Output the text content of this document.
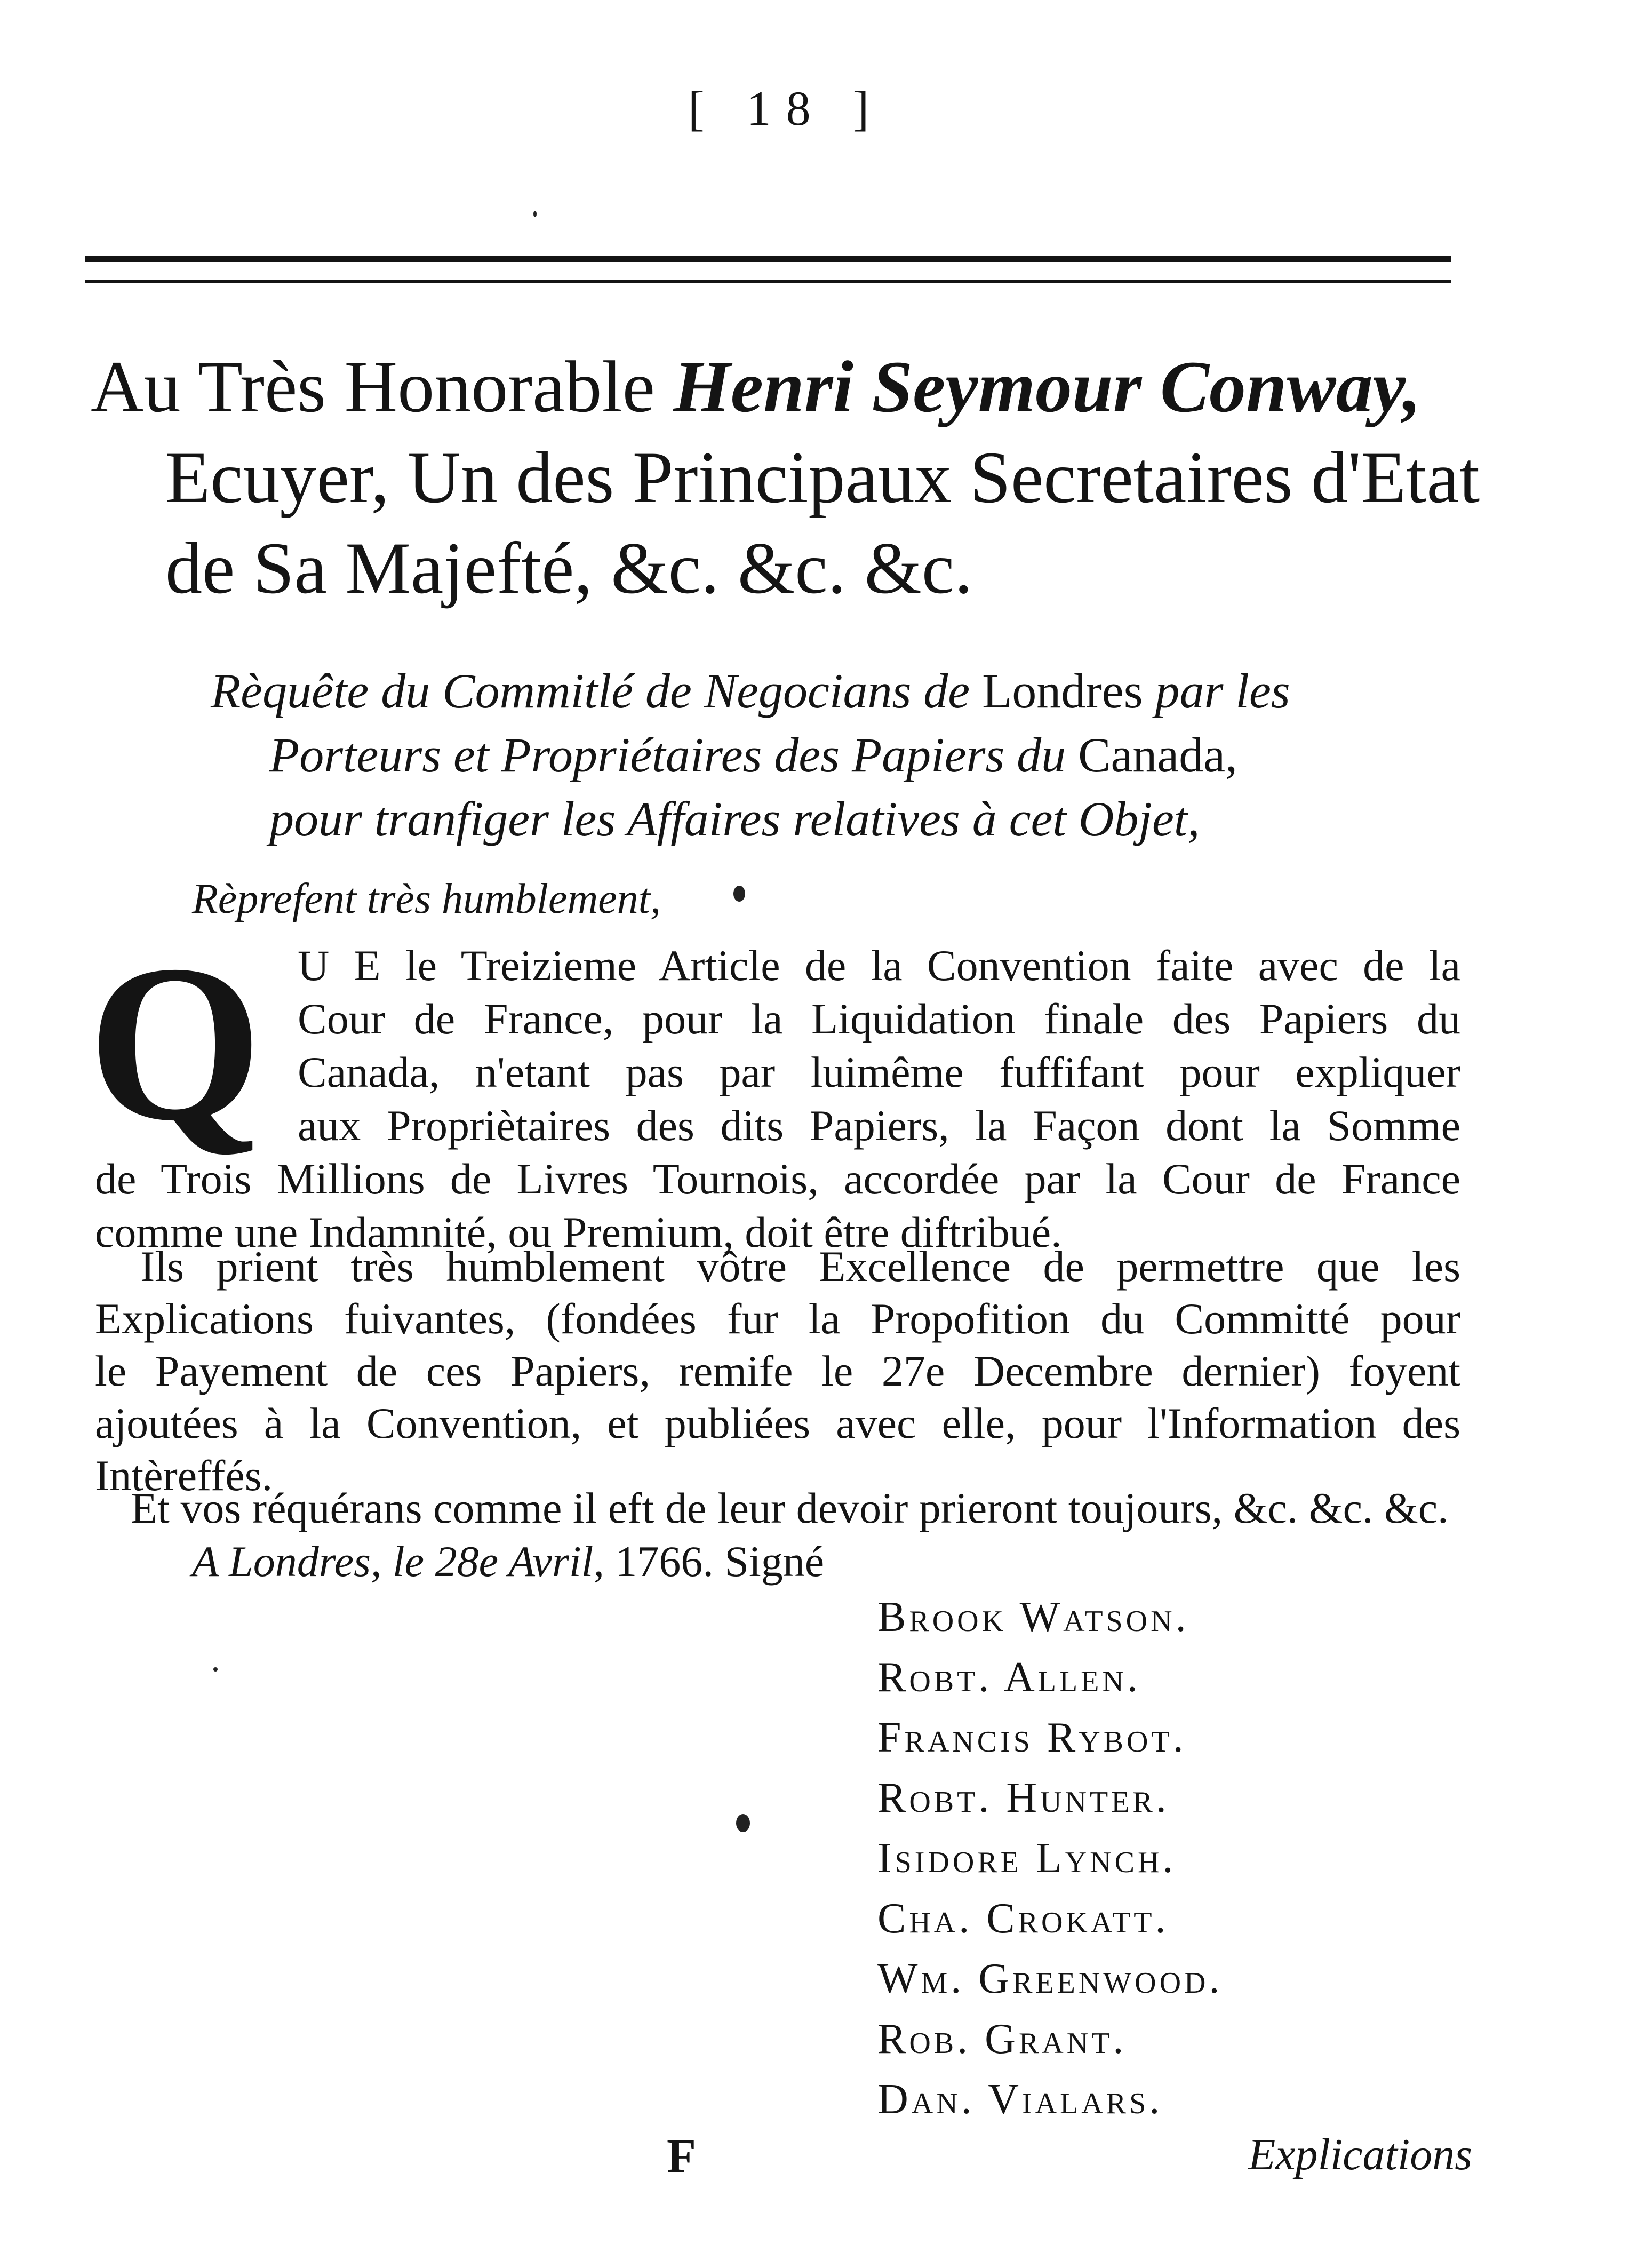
[ 18 ]
Au Très Honorable Henri Seymour Conway,
Ecuyer, Un des Principaux Secretaires d'Etat
de Sa Majefté, &c. &c. &c.
Rèquête du Commitlé de Negocians de Londres par les
Porteurs et Propriétaires des Papiers du Canada,
pour tranfiger les Affaires relatives à cet Objet,
Rèprefent très humblement,
Q U E le Treizieme Article de la Convention faite avec de la
Cour de France, pour la Liquidation finale des Papiers du
Canada, n'etant pas par luimême fuffifant pour expliquer
aux Propriètaires des dits Papiers, la Façon dont la Somme
de Trois Millions de Livres Tournois, accordée par la Cour de France
comme une Indamnité, ou Premium, doit être diftribué.
Ils prient très humblement vôtre Excellence de permettre que les
Explications fuivantes, (fondées fur la Propofition du Committé pour
le Payement de ces Papiers, remife le 27e Decembre dernier) foyent
ajoutées à la Convention, et publiées avec elle, pour l'Information des
Intèreffés.
Et vos réquérans comme il eft de leur devoir prieront toujours, &c. &c. &c.
A Londres, le 28e Avril, 1766. Signé
Brook Watson.
Robt. Allen.
Francis Rybot.
Robt. Hunter.
Isidore Lynch.
Cha. Crokatt.
Wm. Greenwood.
Rob. Grant.
Dan. Vialars.
F	Explications
